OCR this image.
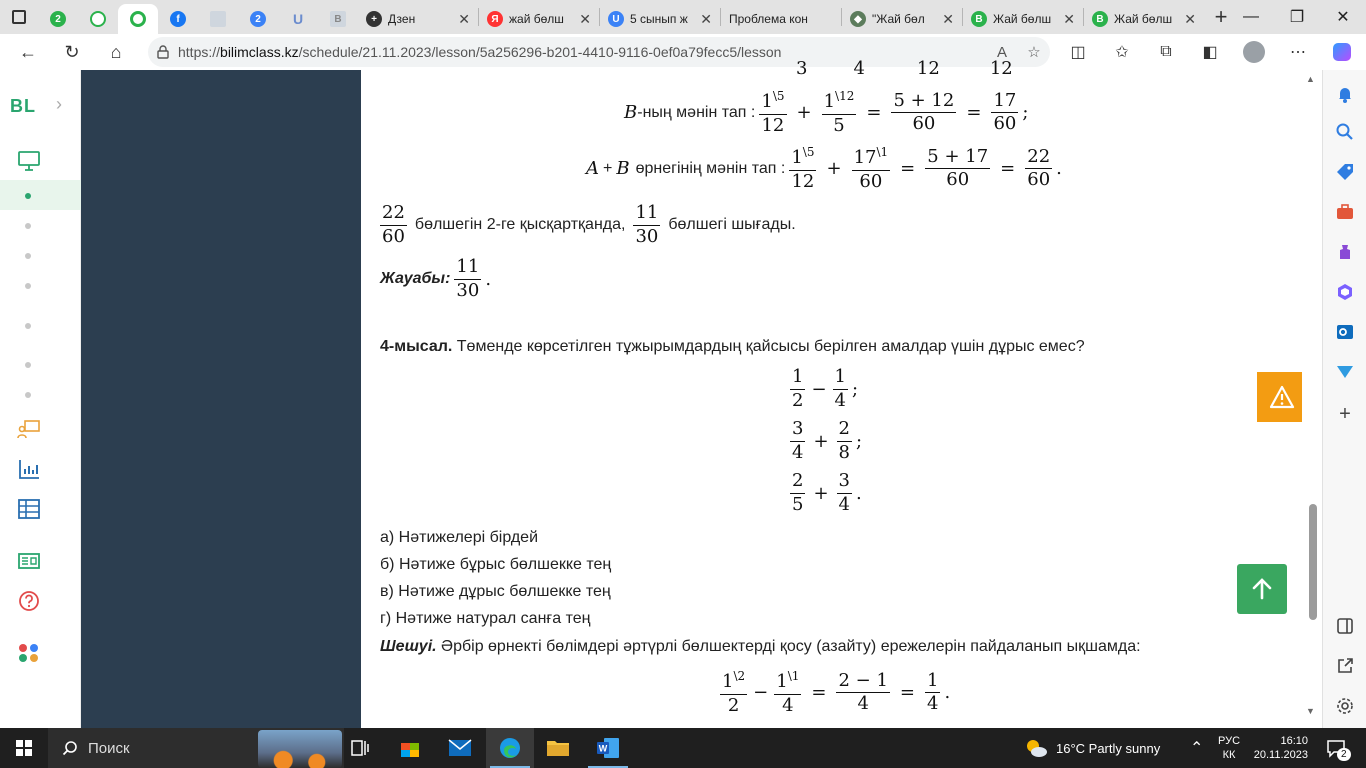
2	f	2	U	B	+ Дзен	✕	Я жай бөлш	✕	U 5 сынып ж ✕ Проблема кон	◆ "Жай бөл	✕	B Жай бөлш ✕	B Жай бөлш ✕ + —	❐	✕
←	↻	⌂	https://bilimclass.kz/schedule/21.11.2023/lesson/5a256296-b201-4410-9116-0ef0a79fecc5/lesson	A	☆	◫	✩	⧉	◧	⋯
BL ›
3	4	12	12
B -ның мәнін тап : $\frac{1^{\backslash 5}}{12} + \frac{1^{\backslash 12}}{5} = \frac{5 + 12}{60} = \frac{17}{60}$ ;
A + B өрнегінің мәнін тап : $\frac{1^{\backslash 5}}{12} + \frac{17^{\backslash 1}}{60} = \frac{5 + 17}{60} = \frac{22}{60}$ .
$\frac{22}{60}$ бөлшегін 2-ге қысқартқанда, $\frac{11}{30}$ бөлшегі шығады.
Жауабы: $\frac{11}{30}$ .
4-мысал. Төменде көрсетілген тұжырымдардың қайсысы берілген амалдар үшін дұрыс емес?
$\frac{1}{2} - \frac{1}{4}$ ;
$\frac{3}{4} + \frac{2}{8}$ ;
$\frac{2}{5} + \frac{3}{4}$ .
а) Нәтижелері бірдей
б) Нәтиже бұрыс бөлшекке тең
в) Нәтиже дұрыс бөлшекке тең
г) Нәтиже натурал санға тең
Шешуі. Әрбір өрнекті бөлімдері әртүрлі бөлшектерді қосу (азайту) ережелерін пайдаланып ықшамда:
$\frac{1^{\backslash 2}}{2} - \frac{1^{\backslash 1}}{4} = \frac{2 - 1}{4} = \frac{1}{4}$ .
▲
▼
+
Поиск	W	16°C Partly sunny ⌃ РУС
КК
16:10
20.11.2023	2
